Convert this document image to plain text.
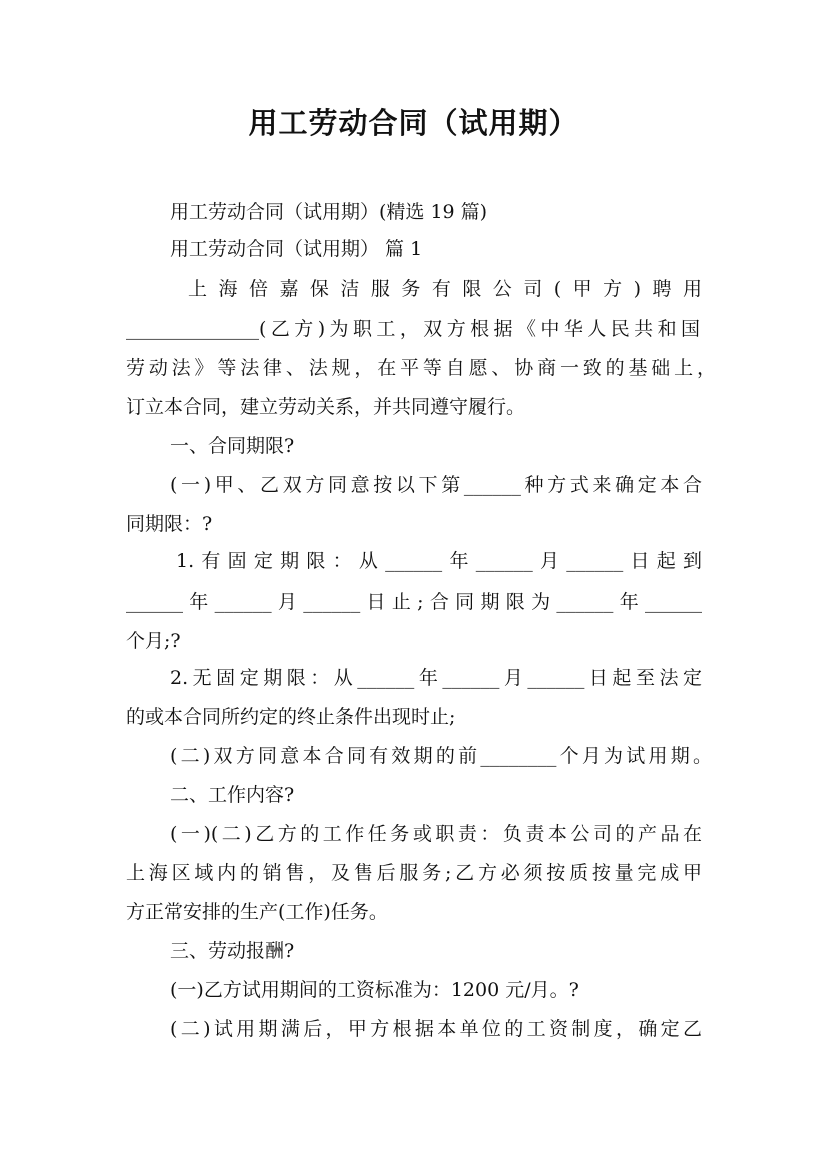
用工劳动合同（试用期）
用工劳动合同（试用期）(精选 19 篇)
用工劳动合同（试用期） 篇 1
上海倍嘉保洁服务有限公司(甲方)聘用
______________(乙方)为职工，双方根据《中华人民共和国
劳动法》等法律、法规，在平等自愿、协商一致的基础上，
订立本合同，建立劳动关系，并共同遵守履行。
一、合同期限?
(一)甲、乙双方同意按以下第______种方式来确定本合
同期限：?
1.有固定期限：从______年______月______日起到
______年______月______日止;合同期限为______年______
个月;?
2.无固定期限：从______年______月______日起至法定
的或本合同所约定的终止条件出现时止;
(二)双方同意本合同有效期的前________个月为试用期。
二、工作内容?
(一)(二)乙方的工作任务或职责：负责本公司的产品在
上海区域内的销售，及售后服务;乙方必须按质按量完成甲
方正常安排的生产(工作)任务。
三、劳动报酬?
(一)乙方试用期间的工资标准为：1200 元/月。?
(二)试用期满后，甲方根据本单位的工资制度，确定乙
